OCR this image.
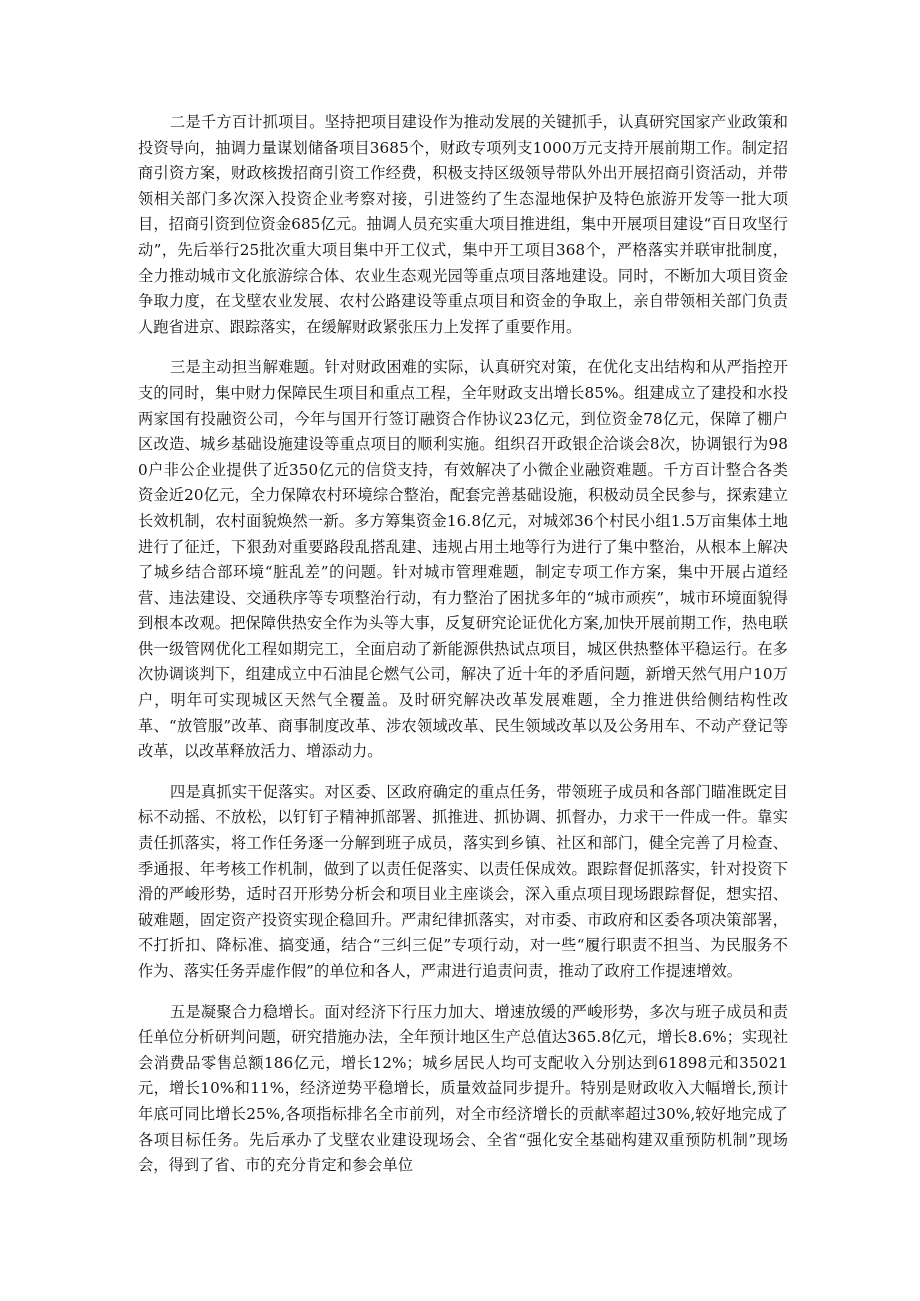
二是千方百计抓项目。坚持把项目建设作为推动发展的关键抓手，认真研究国家产业政策和投资导向，抽调力量谋划储备项目3685个，财政专项列支1000万元支持开展前期工作。制定招商引资方案，财政核拨招商引资工作经费，积极支持区级领导带队外出开展招商引资活动，并带领相关部门多次深入投资企业考察对接，引进签约了生态湿地保护及特色旅游开发等一批大项目，招商引资到位资金685亿元。抽调人员充实重大项目推进组，集中开展项目建设“百日攻坚行动”，先后举行25批次重大项目集中开工仪式，集中开工项目368个，严格落实并联审批制度，全力推动城市文化旅游综合体、农业生态观光园等重点项目落地建设。同时，不断加大项目资金争取力度，在戈壁农业发展、农村公路建设等重点项目和资金的争取上，亲自带领相关部门负责人跑省进京、跟踪落实，在缓解财政紧张压力上发挥了重要作用。

三是主动担当解难题。针对财政困难的实际，认真研究对策，在优化支出结构和从严指控开支的同时，集中财力保障民生项目和重点工程，全年财政支出增长85%。组建成立了建投和水投两家国有投融资公司，今年与国开行签订融资合作协议23亿元，到位资金78亿元，保障了棚户区改造、城乡基础设施建设等重点项目的顺利实施。组织召开政银企洽谈会8次，协调银行为980户非公企业提供了近350亿元的信贷支持，有效解决了小微企业融资难题。千方百计整合各类资金近20亿元，全力保障农村环境综合整治，配套完善基础设施，积极动员全民参与，探索建立长效机制，农村面貌焕然一新。多方筹集资金16.8亿元，对城郊36个村民小组1.5万亩集体土地进行了征迁，下狠劲对重要路段乱搭乱建、违规占用土地等行为进行了集中整治，从根本上解决了城乡结合部环境“脏乱差”的问题。针对城市管理难题，制定专项工作方案，集中开展占道经营、违法建设、交通秩序等专项整治行动，有力整治了困扰多年的“城市顽疾”，城市环境面貌得到根本改观。把保障供热安全作为头等大事，反复研究论证优化方案,加快开展前期工作，热电联供一级管网优化工程如期完工，全面启动了新能源供热试点项目，城区供热整体平稳运行。在多次协调谈判下，组建成立中石油昆仑燃气公司，解决了近十年的矛盾问题，新增天然气用户10万户，明年可实现城区天然气全覆盖。及时研究解决改革发展难题，全力推进供给侧结构性改革、“放管服”改革、商事制度改革、涉农领域改革、民生领域改革以及公务用车、不动产登记等改革，以改革释放活力、增添动力。

四是真抓实干促落实。对区委、区政府确定的重点任务，带领班子成员和各部门瞄准既定目标不动摇、不放松，以钉钉子精神抓部署、抓推进、抓协调、抓督办，力求干一件成一件。靠实责任抓落实，将工作任务逐一分解到班子成员，落实到乡镇、社区和部门，健全完善了月检查、季通报、年考核工作机制，做到了以责任促落实、以责任保成效。跟踪督促抓落实，针对投资下滑的严峻形势，适时召开形势分析会和项目业主座谈会，深入重点项目现场跟踪督促，想实招、破难题，固定资产投资实现企稳回升。严肃纪律抓落实，对市委、市政府和区委各项决策部署，不打折扣、降标准、搞变通，结合“三纠三促”专项行动，对一些“履行职责不担当、为民服务不作为、落实任务弄虚作假”的单位和各人，严肃进行追责问责，推动了政府工作提速增效。

五是凝聚合力稳增长。面对经济下行压力加大、增速放缓的严峻形势，多次与班子成员和责任单位分析研判问题，研究措施办法，全年预计地区生产总值达365.8亿元，增长8.6%；实现社会消费品零售总额186亿元，增长12%；城乡居民人均可支配收入分别达到61898元和35021元，增长10%和11%，经济逆势平稳增长，质量效益同步提升。特别是财政收入大幅增长,预计年底可同比增长25%,各项指标排名全市前列，对全市经济增长的贡献率超过30%,较好地完成了各项目标任务。先后承办了戈壁农业建设现场会、全省“强化安全基础构建双重预防机制”现场会，得到了省、市的充分肯定和参会单位
